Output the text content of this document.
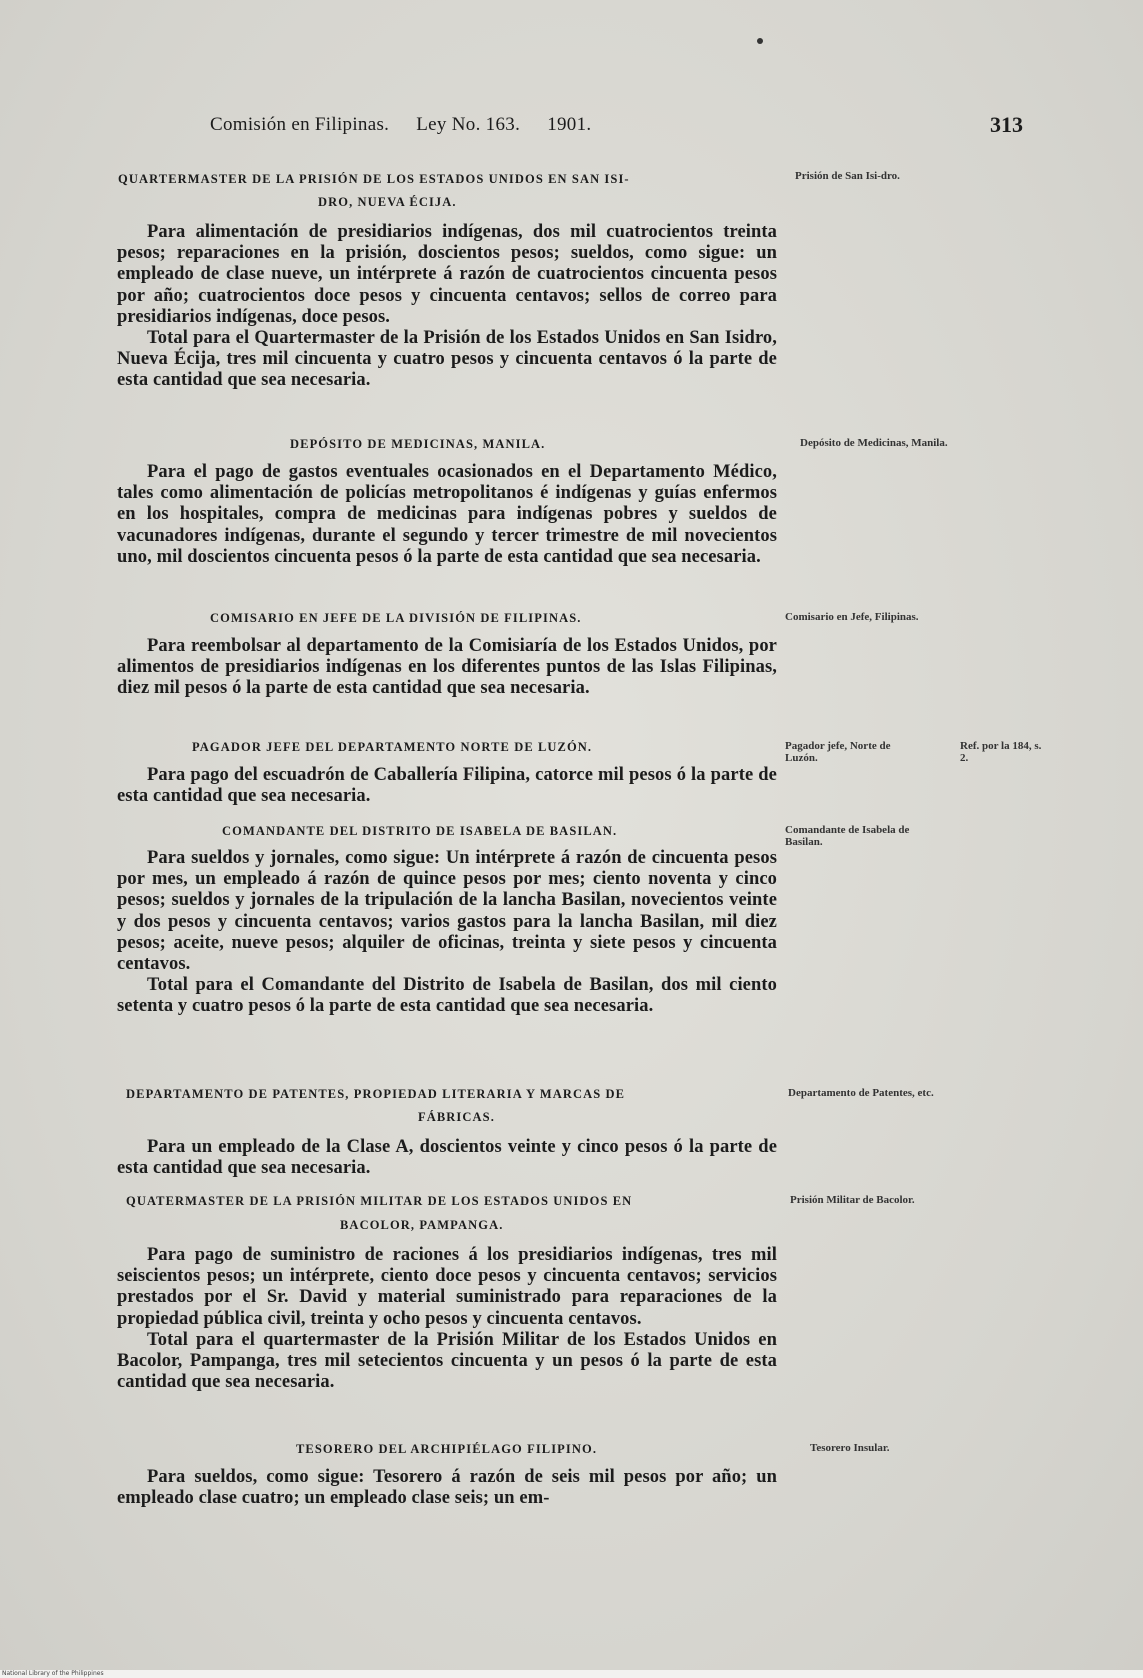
Comisión en Filipinas. Ley No. 163. 1901.	313
QUARTERMASTER DE LA PRISIÓN DE LOS ESTADOS UNIDOS EN SAN ISI-
DRO, NUEVA ÉCIJA.
Prisión de San Isi-dro.

Para alimentación de presidiarios indígenas, dos mil cuatrocientos treinta pesos; reparaciones en la prisión, doscientos pesos; sueldos, como sigue: un empleado de clase nueve, un intérprete á razón de cuatrocientos cincuenta pesos por año; cuatrocientos doce pesos y cincuenta centavos; sellos de correo para presidiarios indígenas, doce pesos.

Total para el Quartermaster de la Prisión de los Estados Unidos en San Isidro, Nueva Écija, tres mil cincuenta y cuatro pesos y cincuenta centavos ó la parte de esta cantidad que sea necesaria.

DEPÓSITO DE MEDICINAS, MANILA.	Depósito de Medicinas, Manila.

Para el pago de gastos eventuales ocasionados en el Departamento Médico, tales como alimentación de policías metropolitanos é indígenas y guías enfermos en los hospitales, compra de medicinas para indígenas pobres y sueldos de vacunadores indígenas, durante el segundo y tercer trimestre de mil novecientos uno, mil doscientos cincuenta pesos ó la parte de esta cantidad que sea necesaria.

COMISARIO EN JEFE DE LA DIVISIÓN DE FILIPINAS.	Comisario en Jefe, Filipinas.

Para reembolsar al departamento de la Comisiaría de los Estados Unidos, por alimentos de presidiarios indígenas en los diferentes puntos de las Islas Filipinas, diez mil pesos ó la parte de esta cantidad que sea necesaria.

PAGADOR JEFE DEL DEPARTAMENTO NORTE DE LUZÓN.	Pagador jefe, Norte de Luzón.
Ref. por la 184, s. 2.

Para pago del escuadrón de Caballería Filipina, catorce mil pesos ó la parte de esta cantidad que sea necesaria.

COMANDANTE DEL DISTRITO DE ISABELA DE BASILAN.	Comandante de Isabela de Basilan.

Para sueldos y jornales, como sigue: Un intérprete á razón de cincuenta pesos por mes, un empleado á razón de quince pesos por mes; ciento noventa y cinco pesos; sueldos y jornales de la tripulación de la lancha Basilan, novecientos veinte y dos pesos y cincuenta centavos; varios gastos para la lancha Basilan, mil diez pesos; aceite, nueve pesos; alquiler de oficinas, treinta y siete pesos y cincuenta centavos.

Total para el Comandante del Distrito de Isabela de Basilan, dos mil ciento setenta y cuatro pesos ó la parte de esta cantidad que sea necesaria.

DEPARTAMENTO DE PATENTES, PROPIEDAD LITERARIA Y MARCAS DE
FÁBRICAS.
Departamento de Patentes, etc.

Para un empleado de la Clase A, doscientos veinte y cinco pesos ó la parte de esta cantidad que sea necesaria.

QUATERMASTER DE LA PRISIÓN MILITAR DE LOS ESTADOS UNIDOS EN
BACOLOR, PAMPANGA.
Prisión Militar de Bacolor.

Para pago de suministro de raciones á los presidiarios indígenas, tres mil seiscientos pesos; un intérprete, ciento doce pesos y cincuenta centavos; servicios prestados por el Sr. David y material suministrado para reparaciones de la propiedad pública civil, treinta y ocho pesos y cincuenta centavos.

Total para el quartermaster de la Prisión Militar de los Estados Unidos en Bacolor, Pampanga, tres mil setecientos cincuenta y un pesos ó la parte de esta cantidad que sea necesaria.

TESORERO DEL ARCHIPIÉLAGO FILIPINO.	Tesorero Insular.

Para sueldos, como sigue: Tesorero á razón de seis mil pesos por año; un empleado clase cuatro; un empleado clase seis; un em-

National Library of the Philippines
